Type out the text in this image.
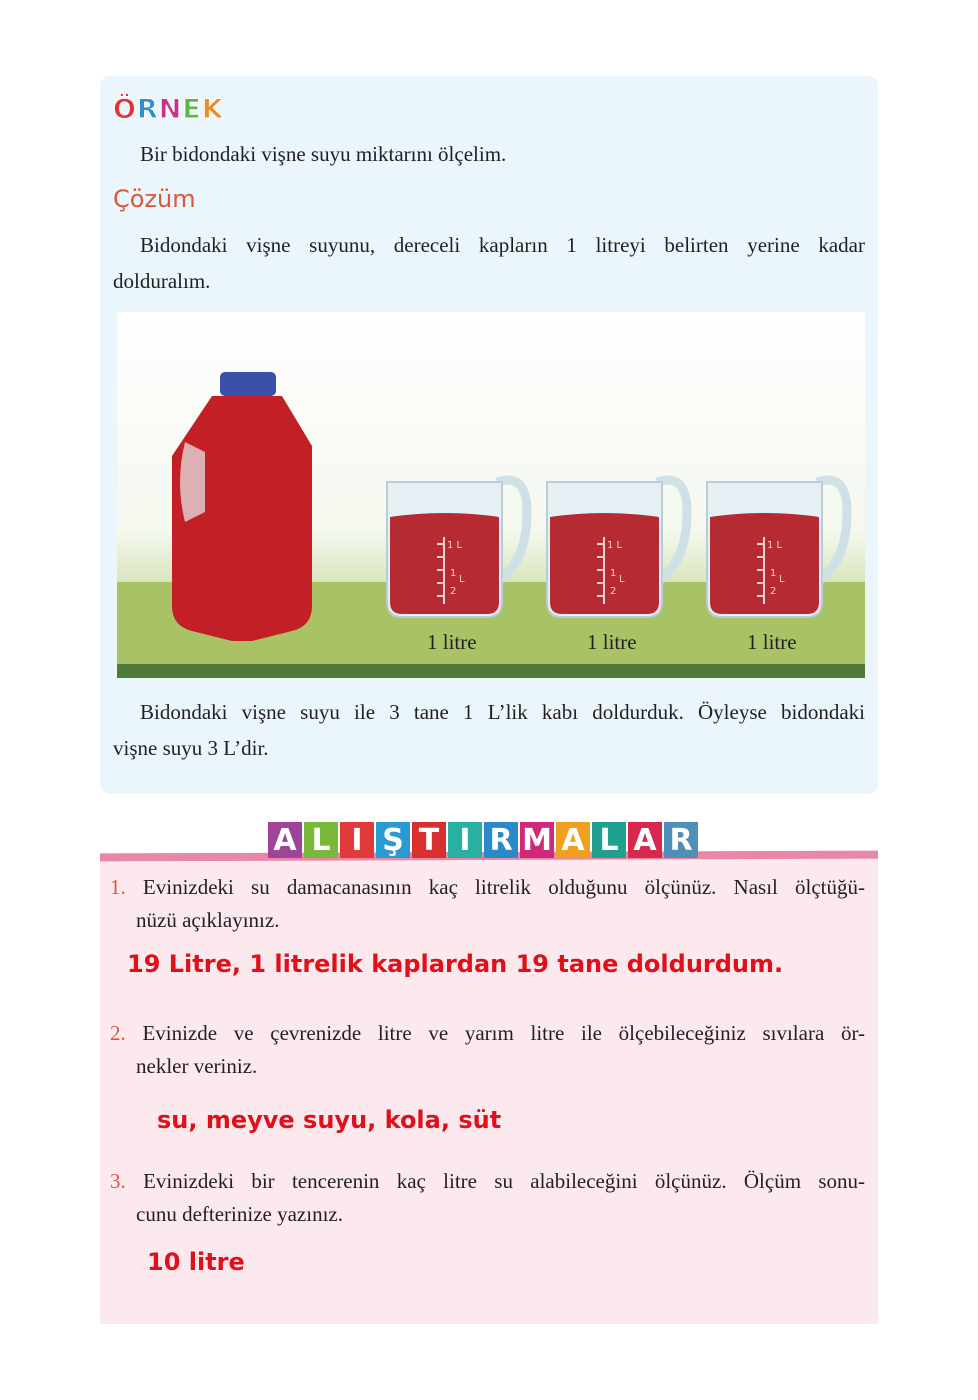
Ö R N E K
Bir bidondaki vişne suyu miktarını ölçelim.
Çözüm
Bidondaki vişne suyunu, dereceli kapların 1 litreyi belirten yerine kadar
dolduralım.
1 L
1
L
2
1 L
1
L
2
1 L
1
L
2
1 litre	1 litre	1 litre
Bidondaki vişne suyu ile 3 tane 1 L’lik kabı doldurduk. Öyleyse bidondaki
vişne suyu 3 L’dir.
A L I Ş T I R M A L A R
1. Evinizdeki su damacanasının kaç litrelik olduğunu ölçünüz. Nasıl ölçtüğü-
nüzü açıklayınız.
19 Litre, 1 litrelik kaplardan 19 tane doldurdum.
2. Evinizde ve çevrenizde litre ve yarım litre ile ölçebileceğiniz sıvılara ör-
nekler veriniz.
su, meyve suyu, kola, süt
3. Evinizdeki bir tencerenin kaç litre su alabileceğini ölçünüz. Ölçüm sonu-
cunu defterinize yazınız.
10 litre
